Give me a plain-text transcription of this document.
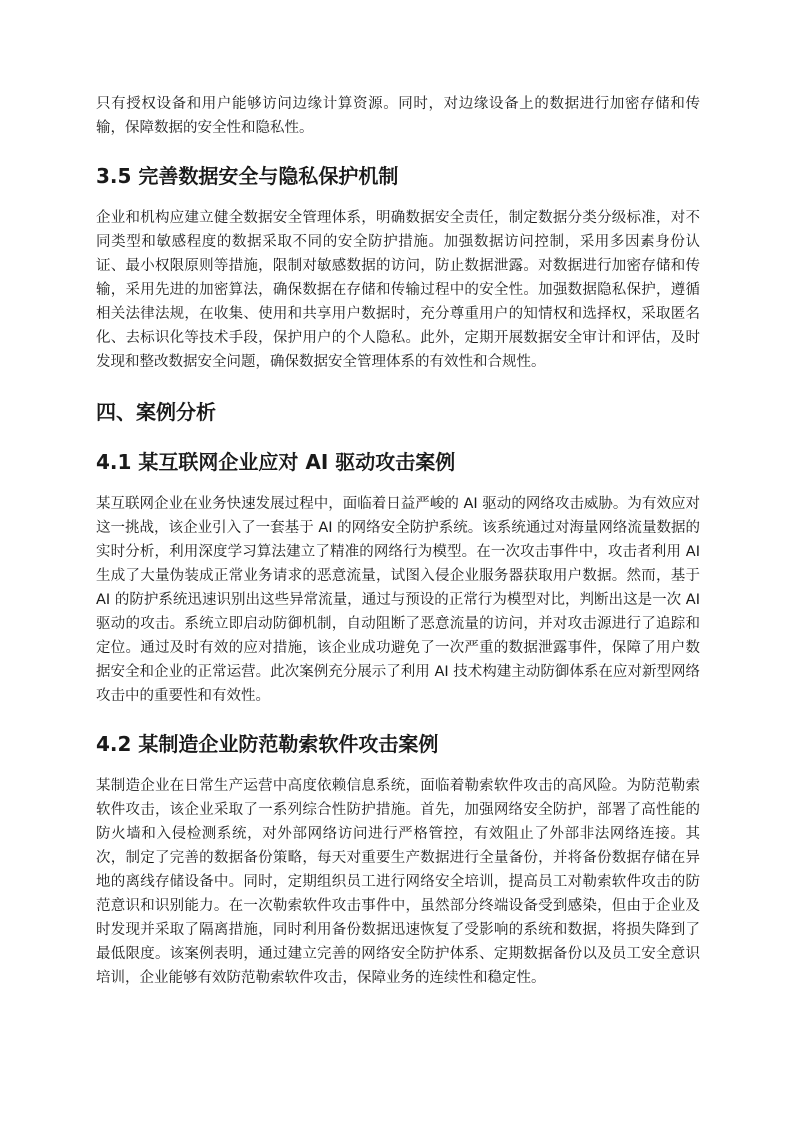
只有授权设备和用户能够访问边缘计算资源。同时，对边缘设备上的数据进行加密存储和传输，保障数据的安全性和隐私性。

3.5 完善数据安全与隐私保护机制

企业和机构应建立健全数据安全管理体系，明确数据安全责任，制定数据分类分级标准，对不同类型和敏感程度的数据采取不同的安全防护措施。加强数据访问控制，采用多因素身份认证、最小权限原则等措施，限制对敏感数据的访问，防止数据泄露。对数据进行加密存储和传输，采用先进的加密算法，确保数据在存储和传输过程中的安全性。加强数据隐私保护，遵循相关法律法规，在收集、使用和共享用户数据时，充分尊重用户的知情权和选择权，采取匿名化、去标识化等技术手段，保护用户的个人隐私。此外，定期开展数据安全审计和评估，及时发现和整改数据安全问题，确保数据安全管理体系的有效性和合规性。

四、案例分析
4.1 某互联网企业应对 AI 驱动攻击案例

某互联网企业在业务快速发展过程中，面临着日益严峻的 AI 驱动的网络攻击威胁。为有效应对这一挑战，该企业引入了一套基于 AI 的网络安全防护系统。该系统通过对海量网络流量数据的实时分析，利用深度学习算法建立了精准的网络行为模型。在一次攻击事件中，攻击者利用 AI 生成了大量伪装成正常业务请求的恶意流量，试图入侵企业服务器获取用户数据。然而，基于 AI 的防护系统迅速识别出这些异常流量，通过与预设的正常行为模型对比，判断出这是一次 AI 驱动的攻击。系统立即启动防御机制，自动阻断了恶意流量的访问，并对攻击源进行了追踪和定位。通过及时有效的应对措施，该企业成功避免了一次严重的数据泄露事件，保障了用户数据安全和企业的正常运营。此次案例充分展示了利用 AI 技术构建主动防御体系在应对新型网络攻击中的重要性和有效性。

4.2 某制造企业防范勒索软件攻击案例

某制造企业在日常生产运营中高度依赖信息系统，面临着勒索软件攻击的高风险。为防范勒索软件攻击，该企业采取了一系列综合性防护措施。首先，加强网络安全防护，部署了高性能的防火墙和入侵检测系统，对外部网络访问进行严格管控，有效阻止了外部非法网络连接。其次，制定了完善的数据备份策略，每天对重要生产数据进行全量备份，并将备份数据存储在异地的离线存储设备中。同时，定期组织员工进行网络安全培训，提高员工对勒索软件攻击的防范意识和识别能力。在一次勒索软件攻击事件中，虽然部分终端设备受到感染，但由于企业及时发现并采取了隔离措施，同时利用备份数据迅速恢复了受影响的系统和数据，将损失降到了最低限度。该案例表明，通过建立完善的网络安全防护体系、定期数据备份以及员工安全意识培训，企业能够有效防范勒索软件攻击，保障业务的连续性和稳定性。
